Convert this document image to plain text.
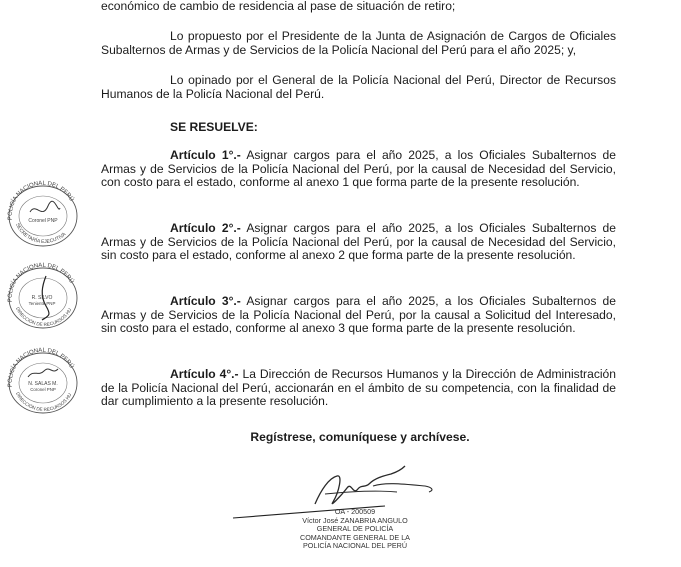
económico de cambio de residencia al pase de situación de retiro;

Lo propuesto por el Presidente de la Junta de Asignación de Cargos de Oficiales Subalternos de Armas y de Servicios de la Policía Nacional del Perú para el año 2025; y,

Lo opinado por el General de la Policía Nacional del Perú, Director de Recursos Humanos de la Policía Nacional del Perú.

SE RESUELVE:

Artículo 1°.- Asignar cargos para el año 2025, a los Oficiales Subalternos de Armas y de Servicios de la Policía Nacional del Perú, por la causal de Necesidad del Servicio, con costo para el estado, conforme al anexo 1 que forma parte de la presente resolución.

Artículo 2°.- Asignar cargos para el año 2025, a los Oficiales Subalternos de Armas y de Servicios de la Policía Nacional del Perú, por la causal de Necesidad del Servicio, sin costo para el estado, conforme al anexo 2 que forma parte de la presente resolución.

Artículo 3°.- Asignar cargos para el año 2025, a los Oficiales Subalternos de Armas y de Servicios de la Policía Nacional del Perú, por la causal a Solicitud del Interesado, sin costo para el estado, conforme al anexo 3 que forma parte de la presente resolución.

Artículo 4°.- La Dirección de Recursos Humanos y la Dirección de Administración de la Policía Nacional del Perú, accionarán en el ámbito de su competencia, con la finalidad de dar cumplimiento a la presente resolución.

Regístrese, comuníquese y archívese.

POLICÍA NACIONAL DEL PERÚ
SECRETARÍA EJECUTIVA
Coronel PNP
POLICÍA NACIONAL DEL PERÚ
DIRECCIÓN DE RECURSOS HU
R. SILVO
Teniente PNP
POLICÍA NACIONAL DEL PERÚ
DIRECCIÓN DE RECURSOS HU
N. SALAS M.
Coronel PNP
OA - 200509
Víctor José ZANABRIA ANGULO
GENERAL DE POLICÍA
COMANDANTE GENERAL DE LA
POLICÍA NACIONAL DEL PERÚ
